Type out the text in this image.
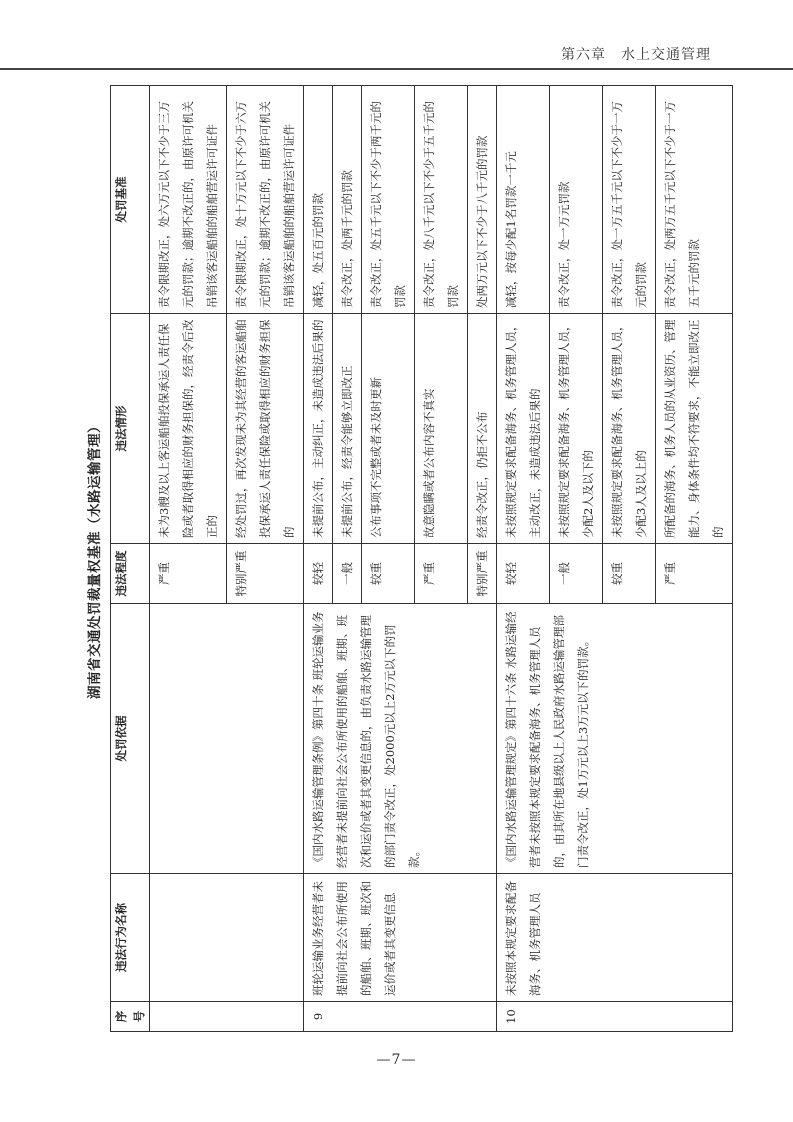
第六章　水上交通管理
湖南省交通处罚裁量权基准（水路运输管理）
序号	违法行为名称	处罚依据	违法程度	违法情形	处罚基准
			严重	未为3艘及以上客运船舶投保承运人责任保险或者取得相应的财务担保的，经责令后改正的	责令限期改正，处六万元以下不少于三万元的罚款；逾期不改正的，由原许可机关吊销该客运船舶的船舶营运许可证件
			特别严重	经处罚过，再次发现未为其经营的客运船舶投保承运人责任保险或取得相应的财务担保的	责令限期改正，处十万元以下不少于六万元的罚款；逾期不改正的，由原许可机关吊销该客运船舶的船舶营运许可证件
9	班轮运输业务经营者未提前向社会公布所使用的船舶、班期、班次和运价或者其变更信息	《国内水路运输管理条例》第四十条 班轮运输业务经营者未提前向社会公布所使用的船舶、班期、班次和运价或者其变更信息的，由负责水路运输管理的部门责令改正，处2000元以上2万元以下的罚款。	较轻	未提前公布，主动纠正，未造成违法后果的	减轻，处五百元的罚款
			一般	未提前公布，经责令能够立即改正	责令改正，处两千元的罚款
			较重	公布事项不完整或者未及时更新	责令改正，处五千元以下不少于两千元的罚款
			严重	故意隐瞒或者公布内容不真实	责令改正，处八千元以下不少于五千元的罚款
			特别严重	经责令改正，仍拒不公布	处两万元以下不少于八千元的罚款
10	未按照本规定要求配备海务、机务管理人员	《国内水路运输管理规定》第四十六条 水路运输经营者未按照本规定要求配备海务、机务管理人员的，由其所在地县级以上人民政府水路运输管理部门责令改正，处1万元以上3万元以下的罚款。	较轻	未按照规定要求配备海务、机务管理人员，主动改正，未造成违法后果的	减轻，按每少配1名罚款一千元
			一般	未按照规定要求配备海务、机务管理人员，少配2人及以下的	责令改正，处一万元罚款
			较重	未按照规定要求配备海务、机务管理人员，少配3人及以上的	责令改正，处一万五千元以下不少于一万元的罚款
			严重	所配备的海务、机务人员的从业资历、管理能力、身体条件均不符要求，不能立即改正的	责令改正，处两万五千元以下不少于一万五千元的罚款
—7—
